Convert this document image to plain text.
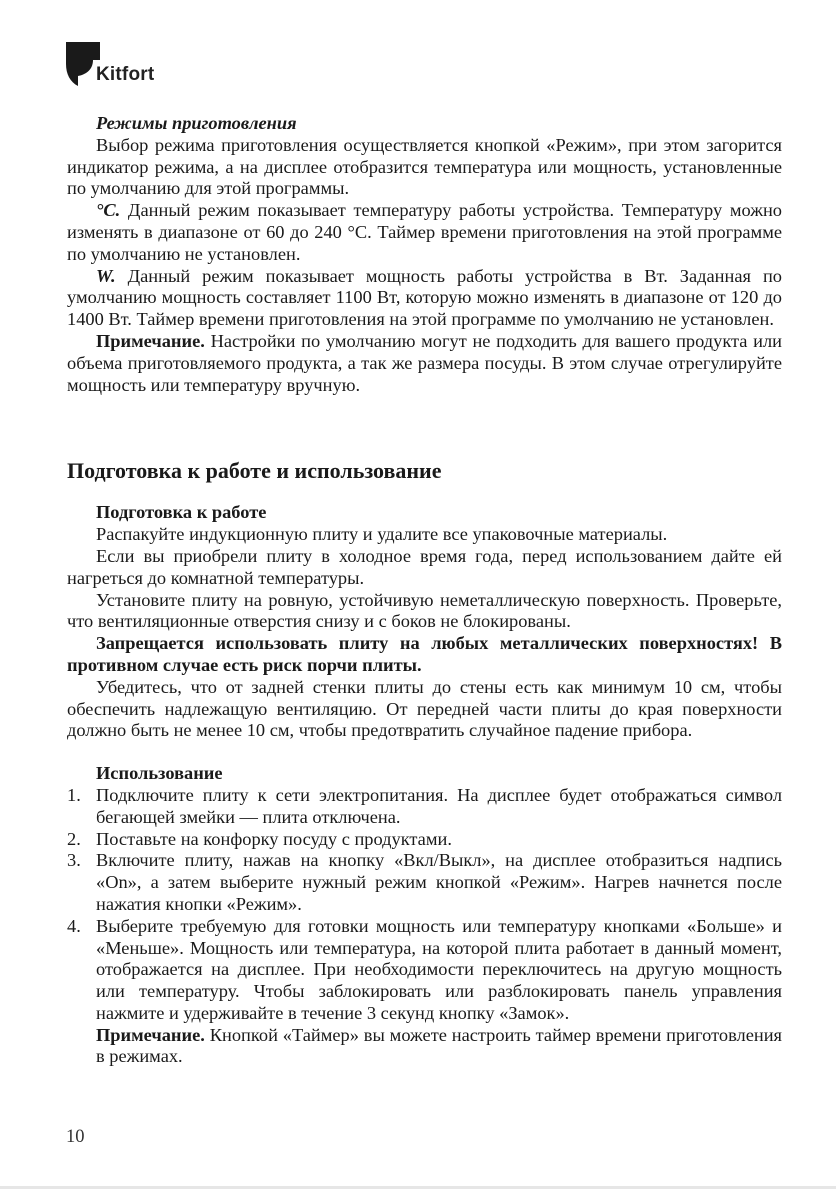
Kitfort

Режимы приготовления

Выбор режима приготовления осуществляется кнопкой «Режим», при этом загорится индикатор режима, а на дисплее отобразится температура или мощность, установленные по умолчанию для этой программы.

°C. Данный режим показывает температуру работы устройства. Температуру можно изменять в диапазоне от 60 до 240 °C. Таймер времени приготовления на этой программе по умолчанию не установлен.

W. Данный режим показывает мощность работы устройства в Вт. Заданная по умолчанию мощность составляет 1100 Вт, которую можно изменять в диапазоне от 120 до 1400 Вт. Таймер времени приготовления на этой программе по умолчанию не установлен.

Примечание. Настройки по умолчанию могут не подходить для вашего продукта или объема приготовляемого продукта, а так же размера посуды. В этом случае отрегулируйте мощность или температуру вручную.

Подготовка к работе и использование

Подготовка к работе

Распакуйте индукционную плиту и удалите все упаковочные материалы.

Если вы приобрели плиту в холодное время года, перед использованием дайте ей нагреться до комнатной температуры.

Установите плиту на ровную, устойчивую неметаллическую поверхность. Проверьте, что вентиляционные отверстия снизу и с боков не блокированы.

Запрещается использовать плиту на любых металлических поверхностях! В противном случае есть риск порчи плиты.

Убедитесь, что от задней стенки плиты до стены есть как минимум 10 см, чтобы обеспечить надлежащую вентиляцию. От передней части плиты до края поверхности должно быть не менее 10 см, чтобы предотвратить случайное падение прибора.

Использование

1. Подключите плиту к сети электропитания. На дисплее будет отображаться символ бегающей змейки — плита отключена.
2. Поставьте на конфорку посуду с продуктами.
3. Включите плиту, нажав на кнопку «Вкл/Выкл», на дисплее отобразиться надпись «On», а затем выберите нужный режим кнопкой «Режим». Нагрев начнется после нажатия кнопки «Режим».
4. Выберите требуемую для готовки мощность или температуру кнопками «Больше» и «Меньше». Мощность или температура, на которой плита работает в данный момент, отображается на дисплее. При необходимости переключитесь на другую мощность или температуру. Чтобы заблокировать или разблокировать панель управления нажмите и удерживайте в течение 3 секунд кнопку «Замок».
Примечание. Кнопкой «Таймер» вы можете настроить таймер времени приготовления в режимах.
10
